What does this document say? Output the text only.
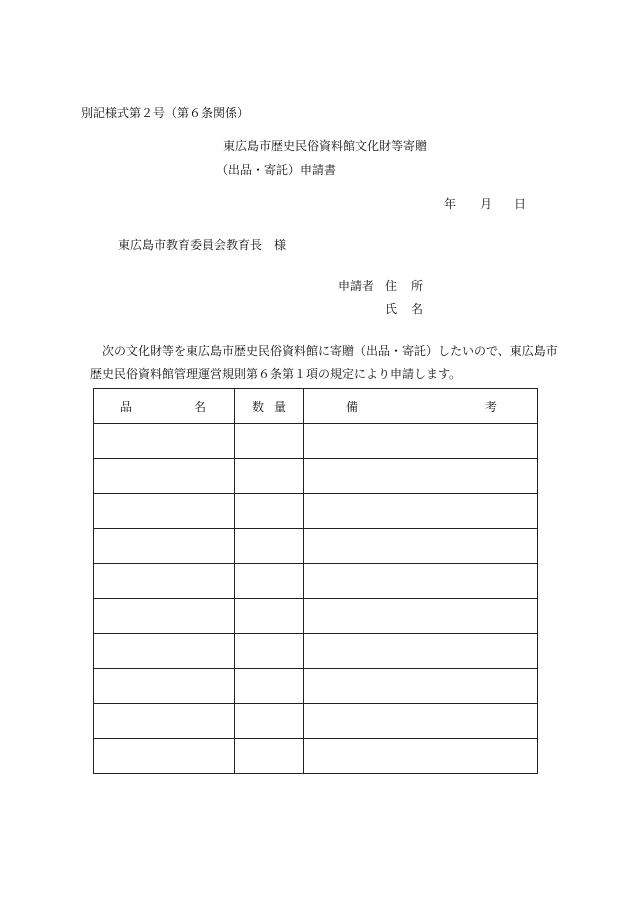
別記様式第２号（第６条関係）
東広島市歴史民俗資料館文化財等寄贈
（出品・寄託）申請書
年 月 日
東広島市教育委員会教育長　様
申請者 住所
氏名
次の文化財等を東広島市歴史民俗資料館に寄贈（出品・寄託）したいので、東広島市歴史民俗資料館管理運営規則第６条第１項の規定により申請します。
品 名	数 量	備 考
